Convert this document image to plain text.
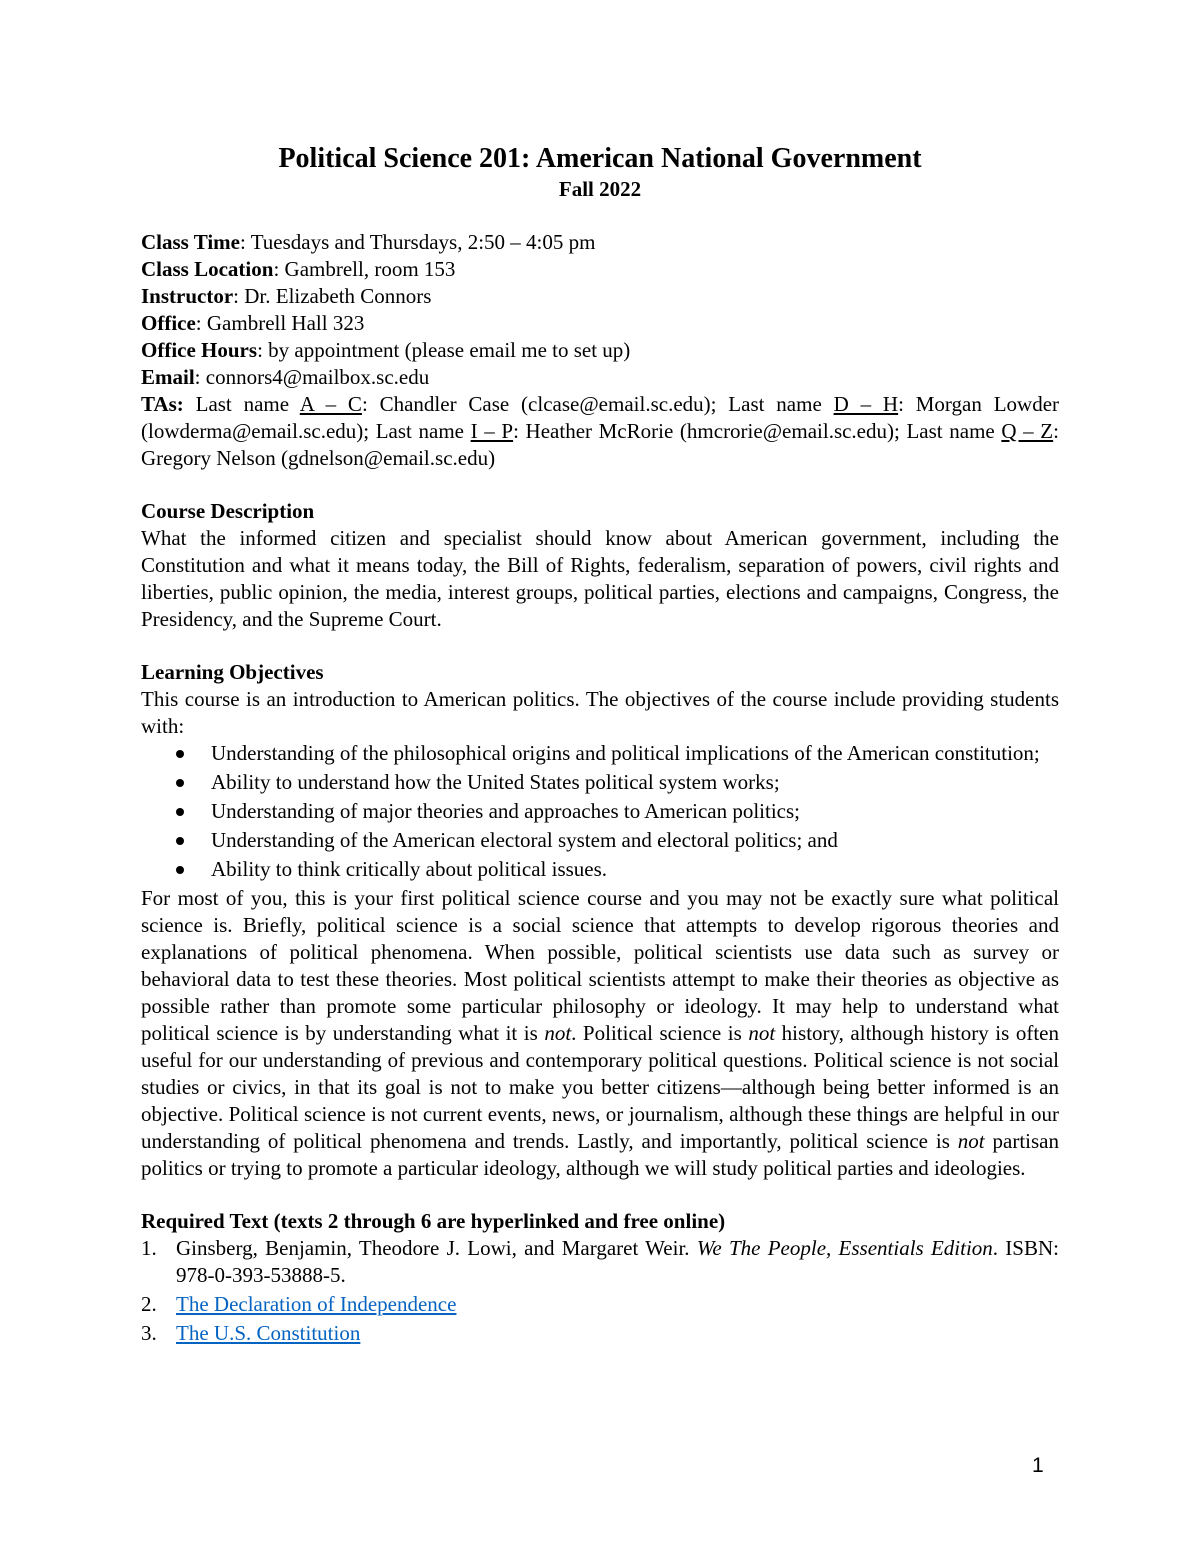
Political Science 201: American National Government
Fall 2022
Class Time: Tuesdays and Thursdays, 2:50 – 4:05 pm
Class Location: Gambrell, room 153
Instructor: Dr. Elizabeth Connors
Office: Gambrell Hall 323
Office Hours: by appointment (please email me to set up)
Email: connors4@mailbox.sc.edu
TAs: Last name A – C: Chandler Case (clcase@email.sc.edu); Last name D – H: Morgan Lowder (lowderma@email.sc.edu); Last name I – P: Heather McRorie (hmcrorie@email.sc.edu); Last name Q – Z: Gregory Nelson (gdnelson@email.sc.edu)
Course Description
What the informed citizen and specialist should know about American government, including the Constitution and what it means today, the Bill of Rights, federalism, separation of powers, civil rights and liberties, public opinion, the media, interest groups, political parties, elections and campaigns, Congress, the Presidency, and the Supreme Court.
Learning Objectives
This course is an introduction to American politics. The objectives of the course include providing students with:
Understanding of the philosophical origins and political implications of the American constitution;
Ability to understand how the United States political system works;
Understanding of major theories and approaches to American politics;
Understanding of the American electoral system and electoral politics; and
Ability to think critically about political issues.
For most of you, this is your first political science course and you may not be exactly sure what political science is. Briefly, political science is a social science that attempts to develop rigorous theories and explanations of political phenomena. When possible, political scientists use data such as survey or behavioral data to test these theories. Most political scientists attempt to make their theories as objective as possible rather than promote some particular philosophy or ideology. It may help to understand what political science is by understanding what it is not. Political science is not history, although history is often useful for our understanding of previous and contemporary political questions. Political science is not social studies or civics, in that its goal is not to make you better citizens—although being better informed is an objective. Political science is not current events, news, or journalism, although these things are helpful in our understanding of political phenomena and trends. Lastly, and importantly, political science is not partisan politics or trying to promote a particular ideology, although we will study political parties and ideologies.
Required Text (texts 2 through 6 are hyperlinked and free online)
1. Ginsberg, Benjamin, Theodore J. Lowi, and Margaret Weir. We The People, Essentials Edition. ISBN: 978-0-393-53888-5.
2. The Declaration of Independence
3. The U.S. Constitution
1
